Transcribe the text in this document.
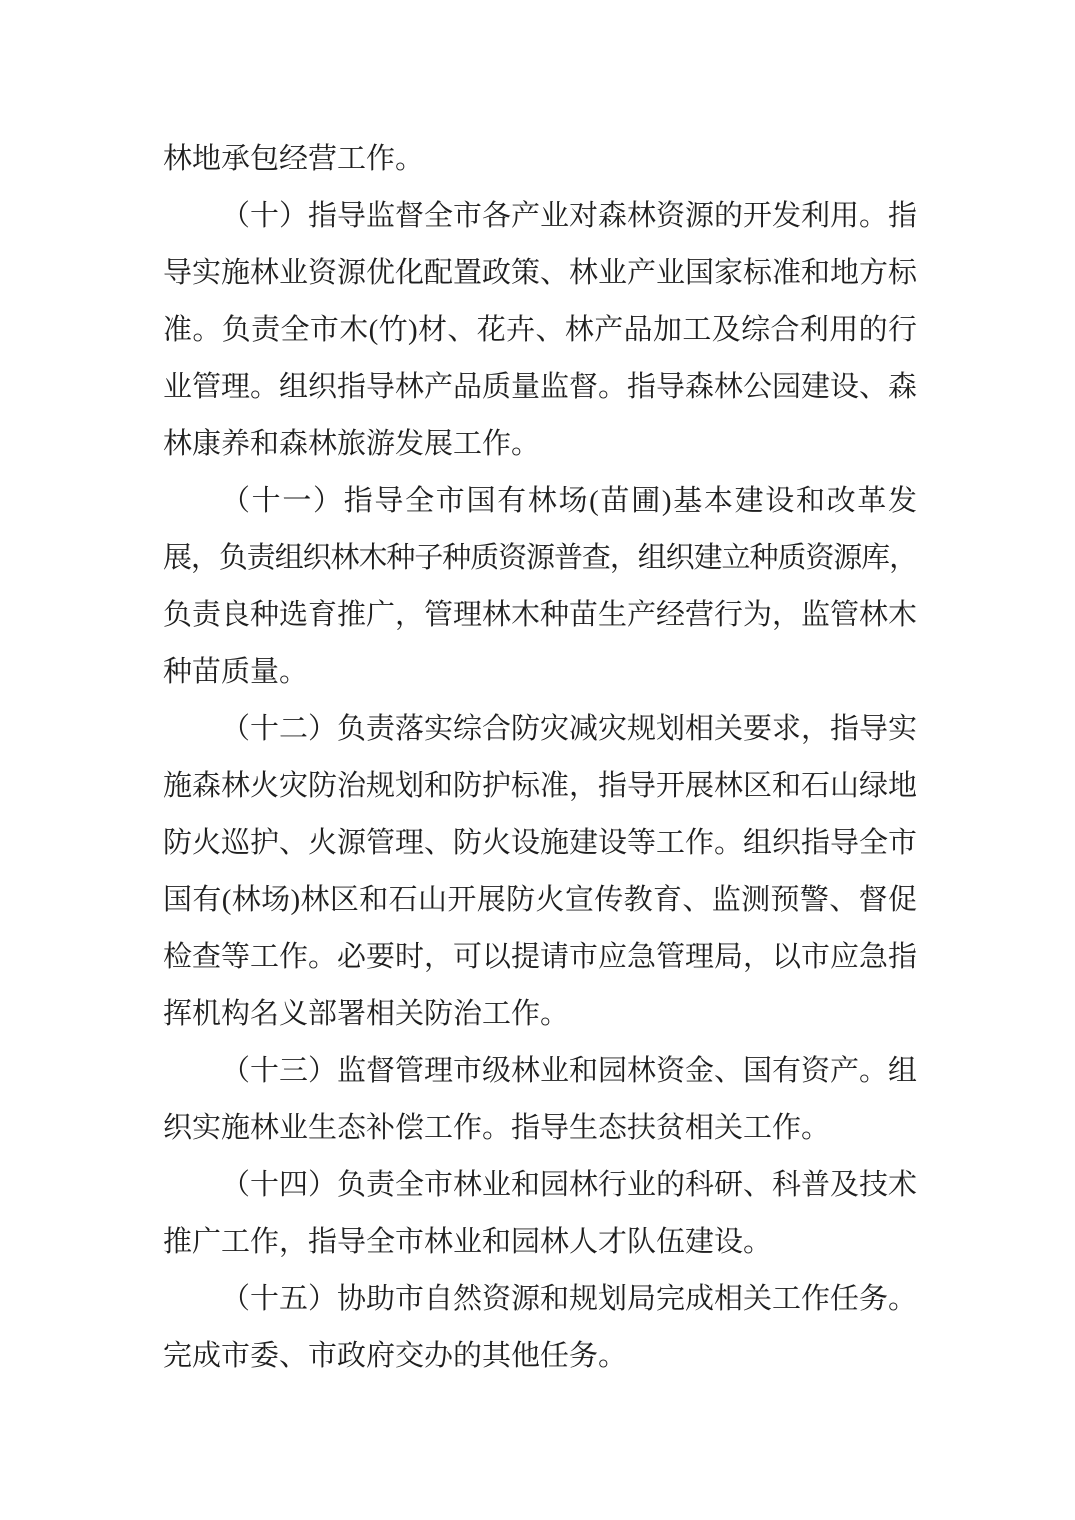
林地承包经营工作。
（十）指导监督全市各产业对森林资源的开发利用。指
导实施林业资源优化配置政策、林业产业国家标准和地方标
准。负责全市木(竹)材、花卉、林产品加工及综合利用的行
业管理。组织指导林产品质量监督。指导森林公园建设、森
林康养和森林旅游发展工作。
（十一）指导全市国有林场(苗圃)基本建设和改革发
展，负责组织林木种子种质资源普查，组织建立种质资源库，
负责良种选育推广，管理林木种苗生产经营行为，监管林木
种苗质量。
（十二）负责落实综合防灾减灾规划相关要求，指导实
施森林火灾防治规划和防护标准，指导开展林区和石山绿地
防火巡护、火源管理、防火设施建设等工作。组织指导全市
国有(林场)林区和石山开展防火宣传教育、监测预警、督促
检查等工作。必要时，可以提请市应急管理局，以市应急指
挥机构名义部署相关防治工作。
（十三）监督管理市级林业和园林资金、国有资产。组
织实施林业生态补偿工作。指导生态扶贫相关工作。
（十四）负责全市林业和园林行业的科研、科普及技术
推广工作，指导全市林业和园林人才队伍建设。
（十五）协助市自然资源和规划局完成相关工作任务。
完成市委、市政府交办的其他任务。
